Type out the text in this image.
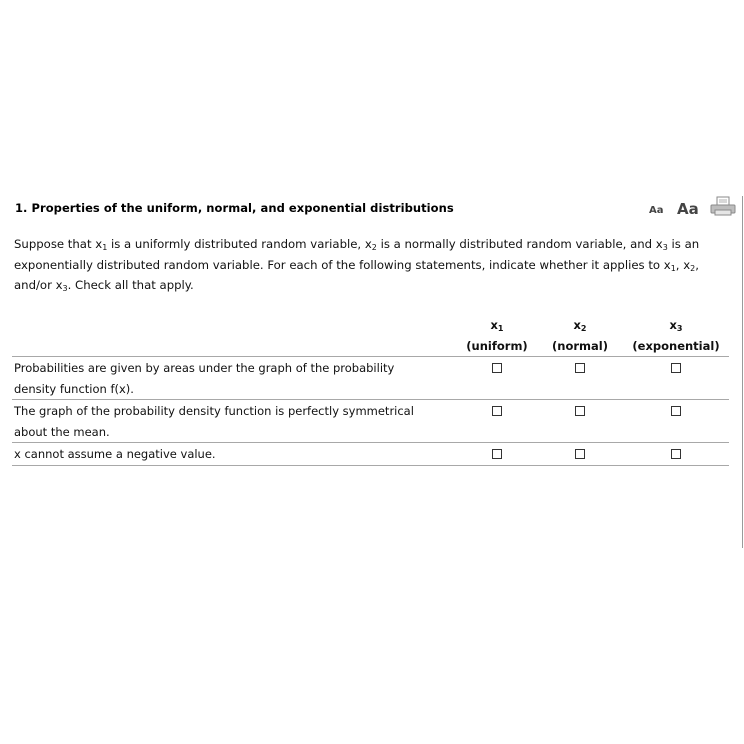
1. Properties of the uniform, normal, and exponential distributions	Aa Aa
Suppose that $x_1$ is a uniformly distributed random variable, $x_2$ is a normally distributed random variable, and $x_3$ is an exponentially distributed random variable. For each of the following statements, indicate whether it applies to $x_1$, $x_2$, and/or $x_3$. Check all that apply.
$x_1$
(uniform)
$x_2$
(normal)
$x_3$
(exponential)
Probabilities are given by areas under the graph of the probability
density function f(x).
The graph of the probability density function is perfectly symmetrical
about the mean.
x cannot assume a negative value.
